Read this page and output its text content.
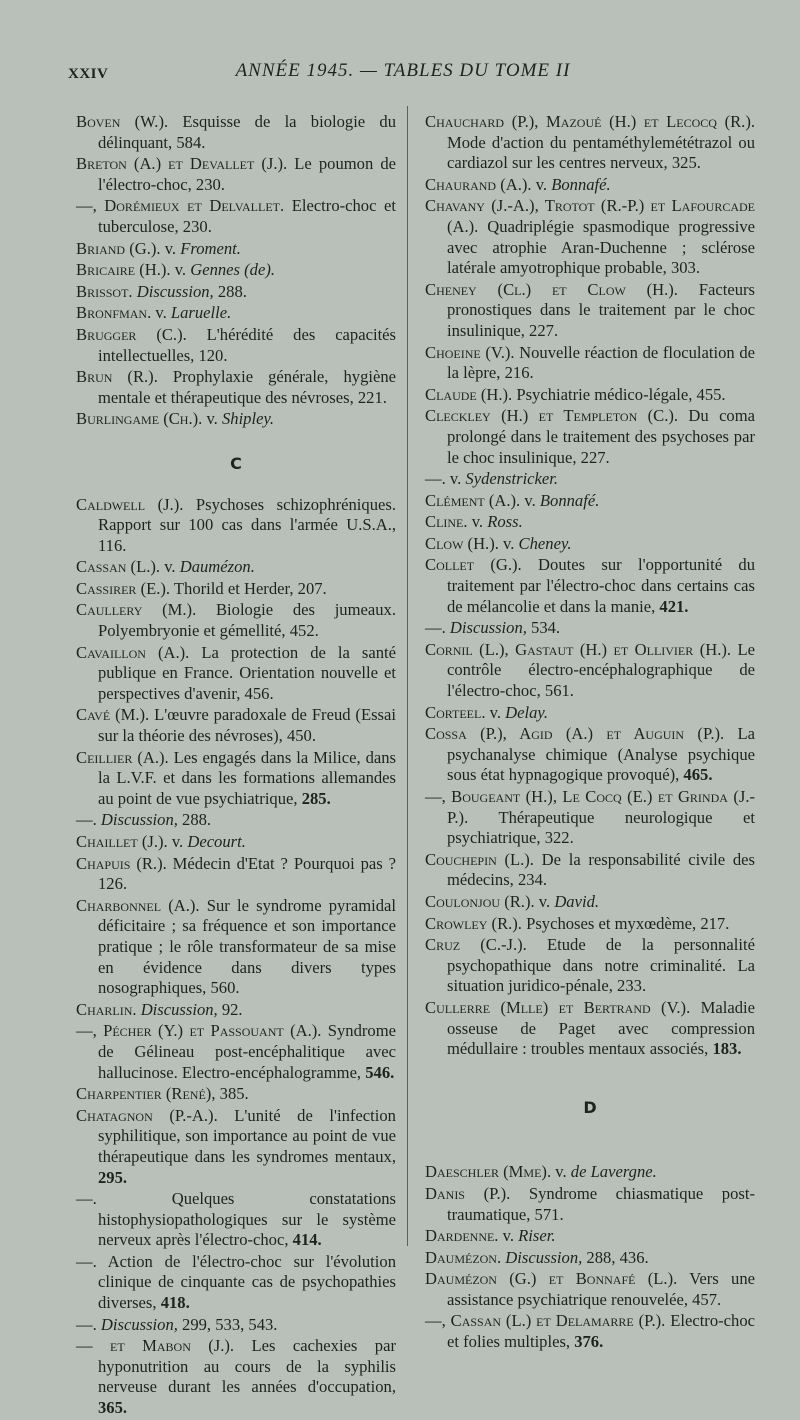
XXIV	ANNÉE 1945. — TABLES DU TOME II

Boven (W.). Esquisse de la biologie du délinquant, 584.

Breton (A.) et Devallet (J.). Le poumon de l'électro-choc, 230.

—, Dorémieux et Delvallet. Electro-choc et tuberculose, 230.

Briand (G.). v. Froment.

Bricaire (H.). v. Gennes (de).

Brissot. Discussion, 288.

Bronfman. v. Laruelle.

Brugger (C.). L'hérédité des capacités intellectuelles, 120.

Brun (R.). Prophylaxie générale, hygiène mentale et thérapeutique des névroses, 221.

Burlingame (Ch.). v. Shipley.

C

Caldwell (J.). Psychoses schizophréniques. Rapport sur 100 cas dans l'armée U.S.A., 116.

Cassan (L.). v. Daumézon.

Cassirer (E.). Thorild et Herder, 207.

Caullery (M.). Biologie des jumeaux. Polyembryonie et gémellité, 452.

Cavaillon (A.). La protection de la santé publique en France. Orientation nouvelle et perspectives d'avenir, 456.

Cavé (M.). L'œuvre paradoxale de Freud (Essai sur la théorie des névroses), 450.

Ceillier (A.). Les engagés dans la Milice, dans la L.V.F. et dans les formations allemandes au point de vue psychiatrique, 285.

—. Discussion, 288.

Chaillet (J.). v. Decourt.

Chapuis (R.). Médecin d'Etat ? Pourquoi pas ? 126.

Charbonnel (A.). Sur le syndrome pyramidal déficitaire ; sa fréquence et son importance pratique ; le rôle transformateur de sa mise en évidence dans divers types nosographiques, 560.

Charlin. Discussion, 92.

—, Pécher (Y.) et Passouant (A.). Syndrome de Gélineau post-encéphalitique avec hallucinose. Electro-encéphalogramme, 546.

Charpentier (René), 385.

Chatagnon (P.-A.). L'unité de l'infection syphilitique, son importance au point de vue thérapeutique dans les syndromes mentaux, 295.

—. Quelques constatations histophysiopathologiques sur le système nerveux après l'électro-choc, 414.

—. Action de l'électro-choc sur l'évolution clinique de cinquante cas de psychopathies diverses, 418.

—. Discussion, 299, 533, 543.

— et Mabon (J.). Les cachexies par hyponutrition au cours de la syphilis nerveuse durant les années d'occupation, 365.

Chauchard (P.), Mazoué (H.) et Lecocq (R.). Mode d'action du pentaméthylemététrazol ou cardiazol sur les centres nerveux, 325.

Chaurand (A.). v. Bonnafé.

Chavany (J.-A.), Trotot (R.-P.) et Lafourcade (A.). Quadriplégie spasmodique progressive avec atrophie Aran-Duchenne ; sclérose latérale amyotrophique probable, 303.

Cheney (Cl.) et Clow (H.). Facteurs pronostiques dans le traitement par le choc insulinique, 227.

Choeine (V.). Nouvelle réaction de floculation de la lèpre, 216.

Claude (H.). Psychiatrie médico-légale, 455.

Cleckley (H.) et Templeton (C.). Du coma prolongé dans le traitement des psychoses par le choc insulinique, 227.

—. v. Sydenstricker.

Clément (A.). v. Bonnafé.

Cline. v. Ross.

Clow (H.). v. Cheney.

Collet (G.). Doutes sur l'opportunité du traitement par l'électro-choc dans certains cas de mélancolie et dans la manie, 421.

—. Discussion, 534.

Cornil (L.), Gastaut (H.) et Ollivier (H.). Le contrôle électro-encéphalographique de l'électro-choc, 561.

Corteel. v. Delay.

Cossa (P.), Agid (A.) et Auguin (P.). La psychanalyse chimique (Analyse psychique sous état hypnagogique provoqué), 465.

—, Bougeant (H.), Le Cocq (E.) et Grinda (J.-P.). Thérapeutique neurologique et psychiatrique, 322.

Couchepin (L.). De la responsabilité civile des médecins, 234.

Coulonjou (R.). v. David.

Crowley (R.). Psychoses et myxœdème, 217.

Cruz (C.-J.). Etude de la personnalité psychopathique dans notre criminalité. La situation juridico-pénale, 233.

Cullerre (Mlle) et Bertrand (V.). Maladie osseuse de Paget avec compression médullaire : troubles mentaux associés, 183.

D

Daeschler (Mme). v. de Lavergne.

Danis (P.). Syndrome chiasmatique post-traumatique, 571.

Dardenne. v. Riser.

Daumézon. Discussion, 288, 436.

Daumézon (G.) et Bonnafé (L.). Vers une assistance psychiatrique renouvelée, 457.

—, Cassan (L.) et Delamarre (P.). Electro-choc et folies multiples, 376.
